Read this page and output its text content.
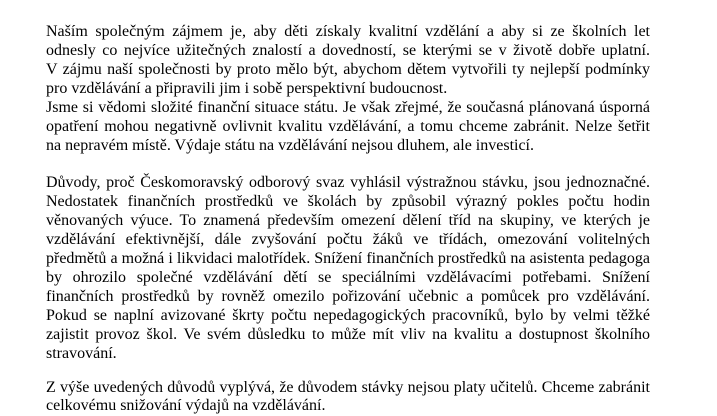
Naším společným zájmem je, aby děti získaly kvalitní vzdělání a aby si ze školních let
odnesly co nejvíce užitečných znalostí a dovedností, se kterými se v životě dobře uplatní.
V zájmu naší společnosti by proto mělo být, abychom dětem vytvořili ty nejlepší podmínky
pro vzdělávání a připravili jim i sobě perspektivní budoucnost.
Jsme si vědomi složité finanční situace státu. Je však zřejmé, že současná plánovaná úsporná
opatření mohou negativně ovlivnit kvalitu vzdělávání, a tomu chceme zabránit. Nelze šetřit
na nepravém místě. Výdaje státu na vzdělávání nejsou dluhem, ale investicí.
Důvody, proč Českomoravský odborový svaz vyhlásil výstražnou stávku, jsou jednoznačné.
Nedostatek finančních prostředků ve školách by způsobil výrazný pokles počtu hodin
věnovaných výuce. To znamená především omezení dělení tříd na skupiny, ve kterých je
vzdělávání efektivnější, dále zvyšování počtu žáků ve třídách, omezování volitelných
předmětů a možná i likvidaci malotřídek. Snížení finančních prostředků na asistenta pedagoga
by ohrozilo společné vzdělávání dětí se speciálními vzdělávacími potřebami. Snížení
finančních prostředků by rovněž omezilo pořizování učebnic a pomůcek pro vzdělávání.
Pokud se naplní avizované škrty počtu nepedagogických pracovníků, bylo by velmi těžké
zajistit provoz škol. Ve svém důsledku to může mít vliv na kvalitu a dostupnost školního
stravování.
Z výše uvedených důvodů vyplývá, že důvodem stávky nejsou platy učitelů. Chceme zabránit
celkovému snižování výdajů na vzdělávání.
